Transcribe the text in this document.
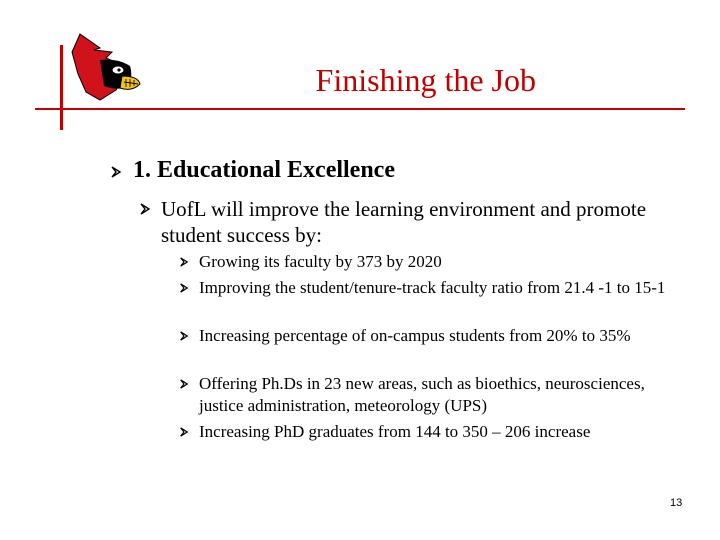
Finishing the Job
1. Educational Excellence
UofL will improve the learning environment and promote student success by:
Growing its faculty by 373 by 2020
Improving the student/tenure-track faculty ratio from 21.4 -1 to 15-1
Increasing percentage of on-campus students from 20% to 35%
Offering Ph.Ds in 23 new areas, such as bioethics, neurosciences, justice administration, meteorology (UPS)
Increasing PhD graduates from 144 to 350 – 206 increase
13
